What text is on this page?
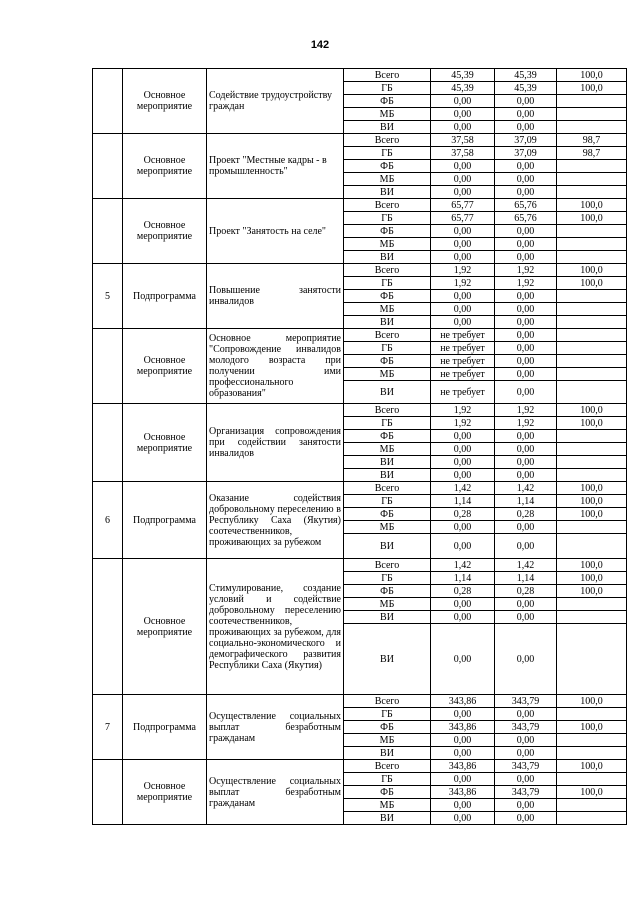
142
	Основное мероприятие	Содействие трудоустройству граждан	Всего	45,39	45,39	100,0
			ГБ	45,39	45,39	100,0
			ФБ	0,00	0,00	
			МБ	0,00	0,00	
			ВИ	0,00	0,00	
	Основное мероприятие	Проект "Местные кадры - в промышленность"	Всего	37,58	37,09	98,7
			ГБ	37,58	37,09	98,7
			ФБ	0,00	0,00	
			МБ	0,00	0,00	
			ВИ	0,00	0,00	
	Основное мероприятие	Проект "Занятость на селе"	Всего	65,77	65,76	100,0
			ГБ	65,77	65,76	100,0
			ФБ	0,00	0,00	
			МБ	0,00	0,00	
			ВИ	0,00	0,00	
5	Подпрограмма	Повышение занятости инвалидов	Всего	1,92	1,92	100,0
			ГБ	1,92	1,92	100,0
			ФБ	0,00	0,00	
			МБ	0,00	0,00	
			ВИ	0,00	0,00	
	Основное мероприятие	Основное мероприятие "Сопровождение инвалидов молодого возраста при получении ими профессионального образования"	Всего	не требует	0,00	
			ГБ	не требует	0,00	
			ФБ	не требует	0,00	
			МБ	не требует	0,00	
			ВИ	не требует	0,00	
	Основное мероприятие	Организация сопровождения при содействии занятости инвалидов	Всего	1,92	1,92	100,0
			ГБ	1,92	1,92	100,0
			ФБ	0,00	0,00	
			МБ	0,00	0,00	
			ВИ	0,00	0,00	
			ВИ	0,00	0,00	
6	Подпрограмма	Оказание содействия добровольному переселению в Республику Саха (Якутия) соотечественников, проживающих за рубежом	Всего	1,42	1,42	100,0
			ГБ	1,14	1,14	100,0
			ФБ	0,28	0,28	100,0
			МБ	0,00	0,00	
			ВИ	0,00	0,00	
	Основное мероприятие	Стимулирование, создание условий и содействие добровольному переселению соотечественников, проживающих за рубежом, для социально-экономического и демографического развития Республики Саха (Якутия)	Всего	1,42	1,42	100,0
			ГБ	1,14	1,14	100,0
			ФБ	0,28	0,28	100,0
			МБ	0,00	0,00	
			ВИ	0,00	0,00	
			ВИ	0,00	0,00	
7	Подпрограмма	Осуществление социальных выплат безработным гражданам	Всего	343,86	343,79	100,0
			ГБ	0,00	0,00	
			ФБ	343,86	343,79	100,0
			МБ	0,00	0,00	
			ВИ	0,00	0,00	
	Основное мероприятие	Осуществление социальных выплат безработным гражданам	Всего	343,86	343,79	100,0
			ГБ	0,00	0,00	
			ФБ	343,86	343,79	100,0
			МБ	0,00	0,00	
			ВИ	0,00	0,00	
